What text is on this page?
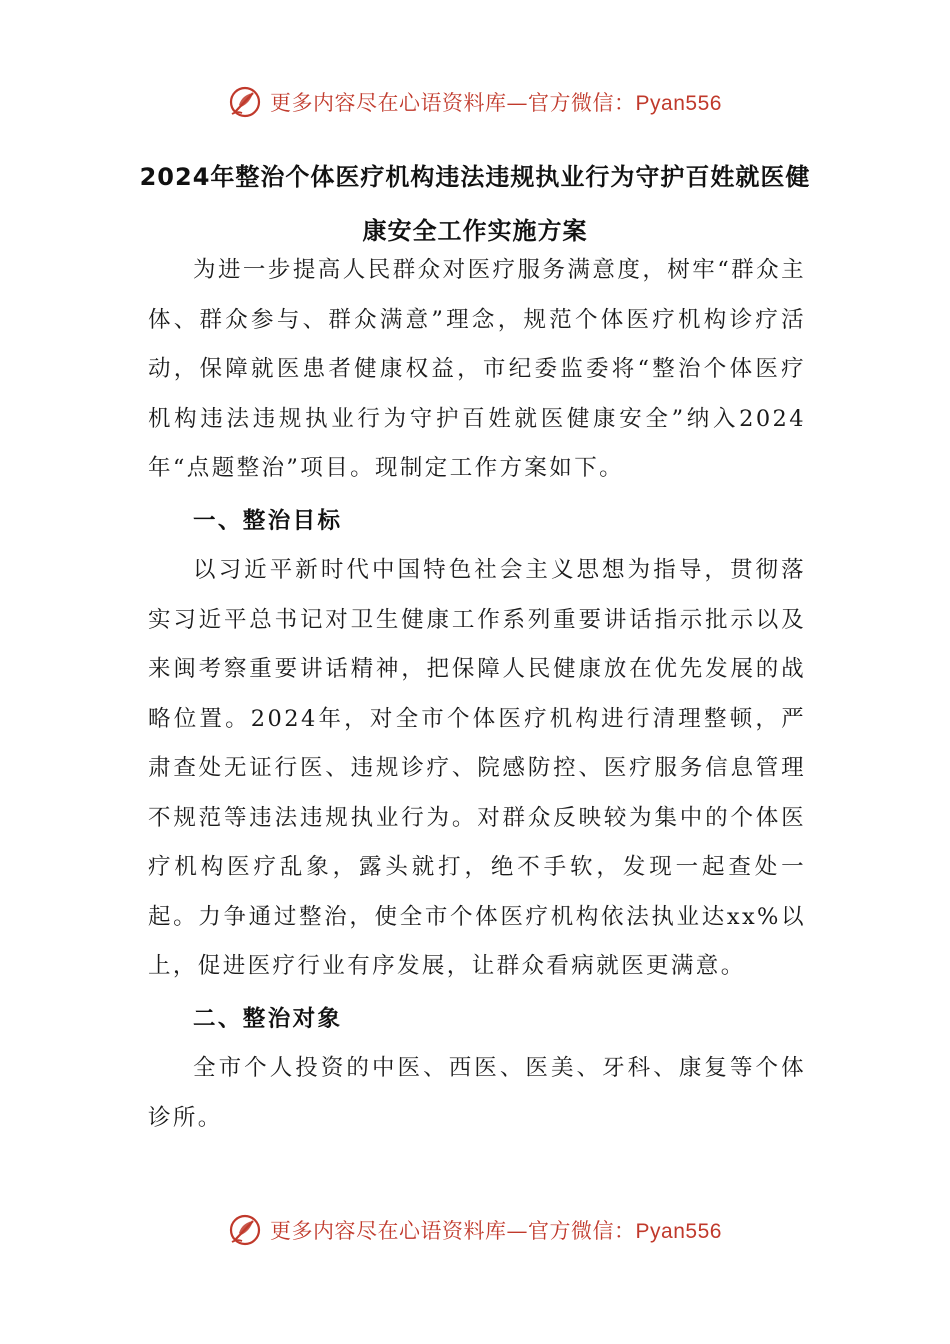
更多内容尽在心语资料库—官方微信：Pyan556
2024年整治个体医疗机构违法违规执业行为守护百姓就医健康安全工作实施方案

为进一步提高人民群众对医疗服务满意度，树牢“群众主体、群众参与、群众满意”理念，规范个体医疗机构诊疗活动，保障就医患者健康权益，市纪委监委将“整治个体医疗机构违法违规执业行为守护百姓就医健康安全”纳入2024年“点题整治”项目。现制定工作方案如下。

一、整治目标

以习近平新时代中国特色社会主义思想为指导，贯彻落实习近平总书记对卫生健康工作系列重要讲话指示批示以及来闽考察重要讲话精神，把保障人民健康放在优先发展的战略位置。2024年，对全市个体医疗机构进行清理整顿，严肃查处无证行医、违规诊疗、院感防控、医疗服务信息管理不规范等违法违规执业行为。对群众反映较为集中的个体医疗机构医疗乱象，露头就打，绝不手软，发现一起查处一起。力争通过整治，使全市个体医疗机构依法执业达xx%以上，促进医疗行业有序发展，让群众看病就医更满意。

二、整治对象

全市个人投资的中医、西医、医美、牙科、康复等个体诊所。

更多内容尽在心语资料库—官方微信：Pyan556
